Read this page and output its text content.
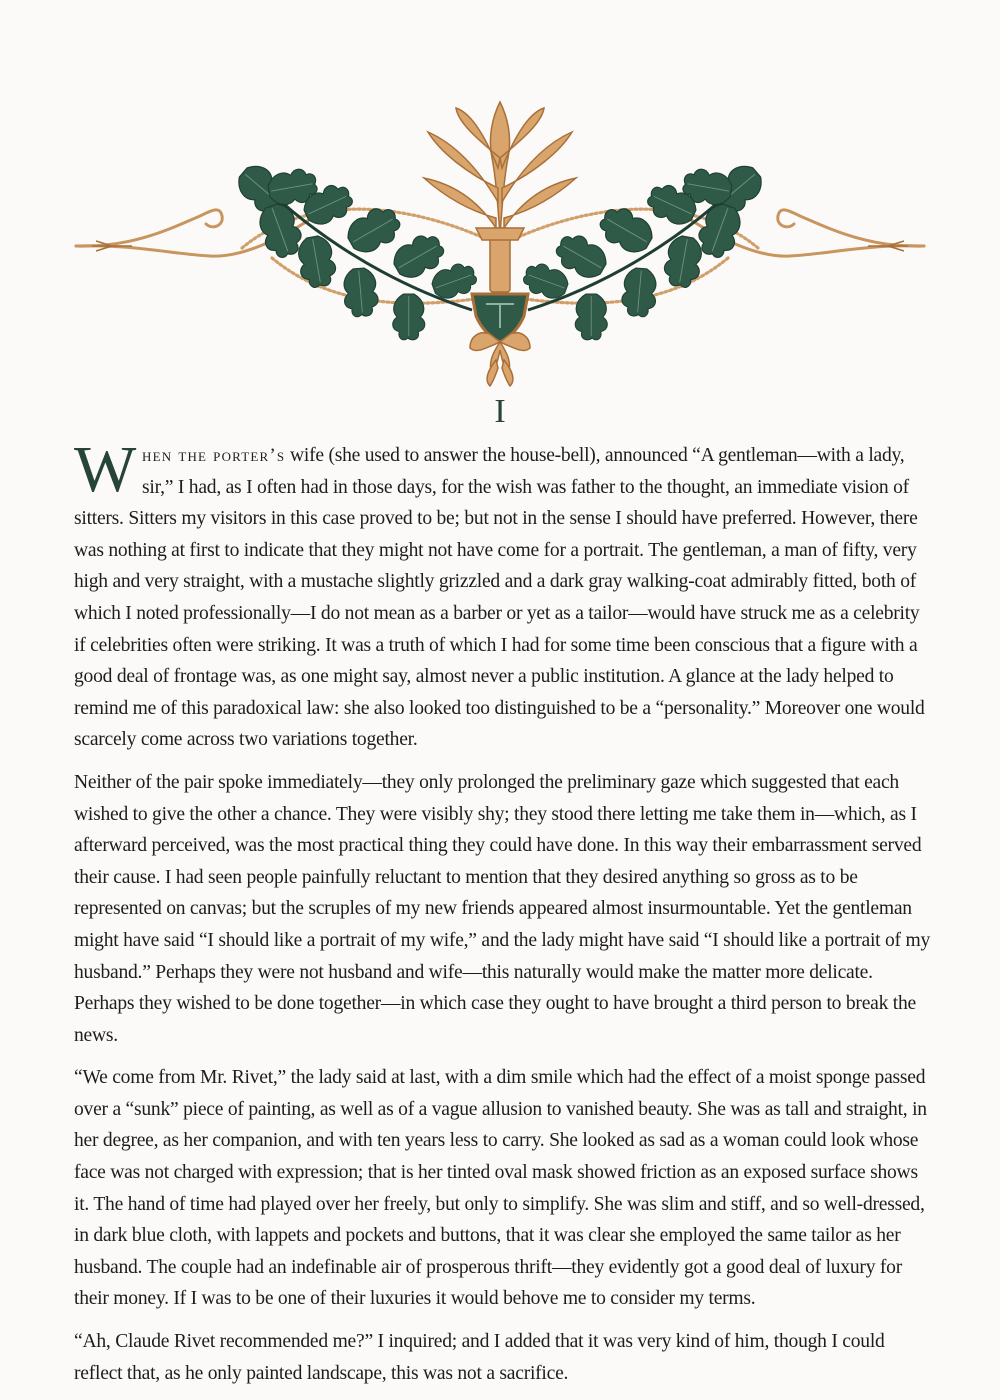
I

When the porter’s wife (she used to answer the house-bell), announced “A gentleman—with a lady, sir,” I had, as I often had in those days, for the wish was father to the thought, an immediate vision of sitters. Sitters my visitors in this case proved to be; but not in the sense I should have preferred. However, there was nothing at first to indicate that they might not have come for a portrait. The gentleman, a man of fifty, very high and very straight, with a mustache slightly grizzled and a dark gray walking-coat admirably fitted, both of which I noted professionally—I do not mean as a barber or yet as a tailor—would have struck me as a celebrity if celebrities often were striking. It was a truth of which I had for some time been conscious that a figure with a good deal of frontage was, as one might say, almost never a public institution. A glance at the lady helped to remind me of this paradoxical law: she also looked too distinguished to be a “personality.” Moreover one would scarcely come across two variations together.

Neither of the pair spoke immediately—they only prolonged the preliminary gaze which suggested that each wished to give the other a chance. They were visibly shy; they stood there letting me take them in—which, as I afterward perceived, was the most practical thing they could have done. In this way their embarrassment served their cause. I had seen people painfully reluctant to mention that they desired anything so gross as to be represented on canvas; but the scruples of my new friends appeared almost insurmountable. Yet the gentleman might have said “I should like a portrait of my wife,” and the lady might have said “I should like a portrait of my husband.” Perhaps they were not husband and wife—this naturally would make the matter more delicate. Perhaps they wished to be done together—in which case they ought to have brought a third person to break the news.

“We come from Mr. Rivet,” the lady said at last, with a dim smile which had the effect of a moist sponge passed over a “sunk” piece of painting, as well as of a vague allusion to vanished beauty. She was as tall and straight, in her degree, as her companion, and with ten years less to carry. She looked as sad as a woman could look whose face was not charged with expression; that is her tinted oval mask showed friction as an exposed surface shows it. The hand of time had played over her freely, but only to simplify. She was slim and stiff, and so well-dressed, in dark blue cloth, with lappets and pockets and buttons, that it was clear she employed the same tailor as her husband. The couple had an indefinable air of prosperous thrift—they evidently got a good deal of luxury for their money. If I was to be one of their luxuries it would behove me to consider my terms.

“Ah, Claude Rivet recommended me?” I inquired; and I added that it was very kind of him, though I could reflect that, as he only painted landscape, this was not a sacrifice.
